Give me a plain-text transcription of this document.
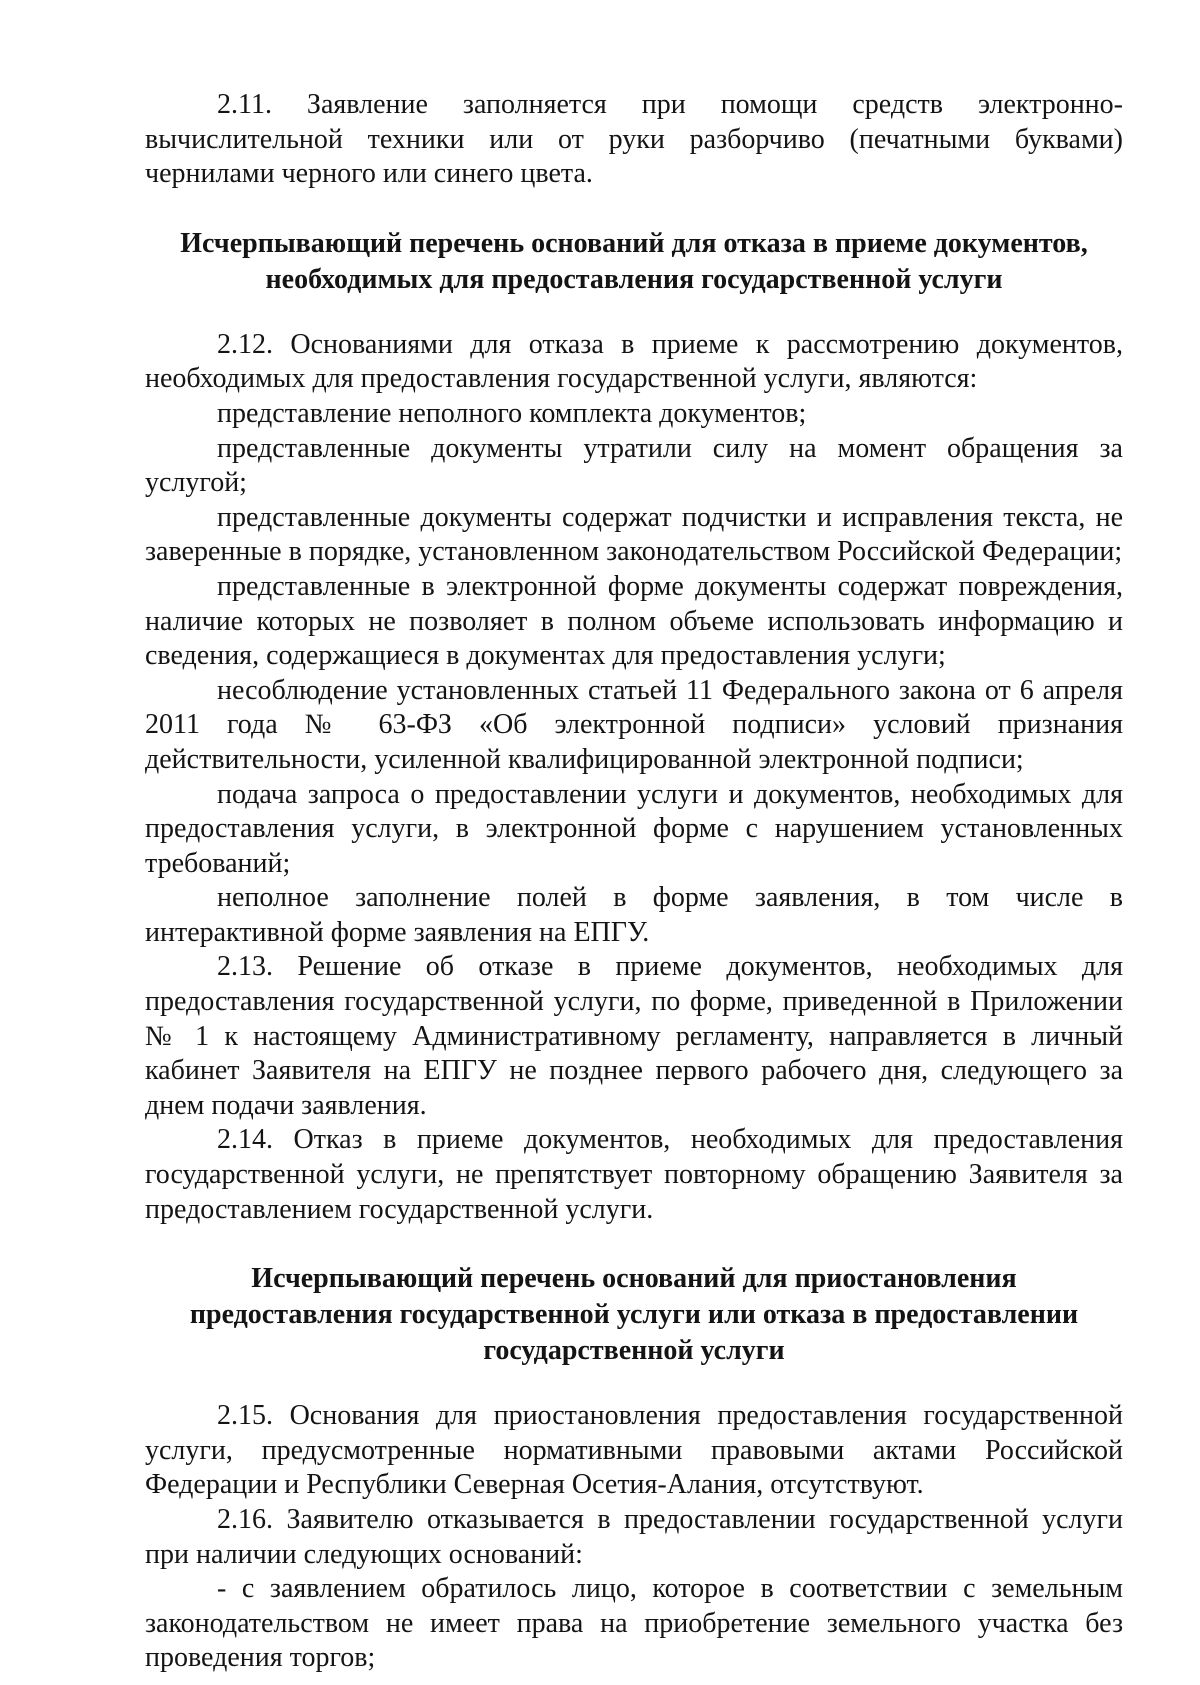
2.11. Заявление заполняется при помощи средств электронно-вычислительной техники или от руки разборчиво (печатными буквами) чернилами черного или синего цвета.

Исчерпывающий перечень оснований для отказа в приеме документов,
необходимых для предоставления государственной услуги

2.12. Основаниями для отказа в приеме к рассмотрению документов, необходимых для предоставления государственной услуги, являются:

представление неполного комплекта документов;

представленные документы утратили силу на момент обращения за услугой;

представленные документы содержат подчистки и исправления текста, не заверенные в порядке, установленном законодательством Российской Федерации;

представленные в электронной форме документы содержат повреждения, наличие которых не позволяет в полном объеме использовать информацию и сведения, содержащиеся в документах для предоставления услуги;

несоблюдение установленных статьей 11 Федерального закона от 6 апреля 2011 года № 63-ФЗ «Об электронной подписи» условий признания действительности, усиленной квалифицированной электронной подписи;

подача запроса о предоставлении услуги и документов, необходимых для предоставления услуги, в электронной форме с нарушением установленных требований;

неполное заполнение полей в форме заявления, в том числе в интерактивной форме заявления на ЕПГУ.

2.13. Решение об отказе в приеме документов, необходимых для предоставления государственной услуги, по форме, приведенной в Приложении № 1 к настоящему Административному регламенту, направляется в личный кабинет Заявителя на ЕПГУ не позднее первого рабочего дня, следующего за днем подачи заявления.

2.14. Отказ в приеме документов, необходимых для предоставления государственной услуги, не препятствует повторному обращению Заявителя за предоставлением государственной услуги.

Исчерпывающий перечень оснований для приостановления
предоставления государственной услуги или отказа в предоставлении
государственной услуги

2.15. Основания для приостановления предоставления государственной услуги, предусмотренные нормативными правовыми актами Российской Федерации и Республики Северная Осетия-Алания, отсутствуют.

2.16. Заявителю отказывается в предоставлении государственной услуги при наличии следующих оснований:

- с заявлением обратилось лицо, которое в соответствии с земельным законодательством не имеет права на приобретение земельного участка без проведения торгов;
